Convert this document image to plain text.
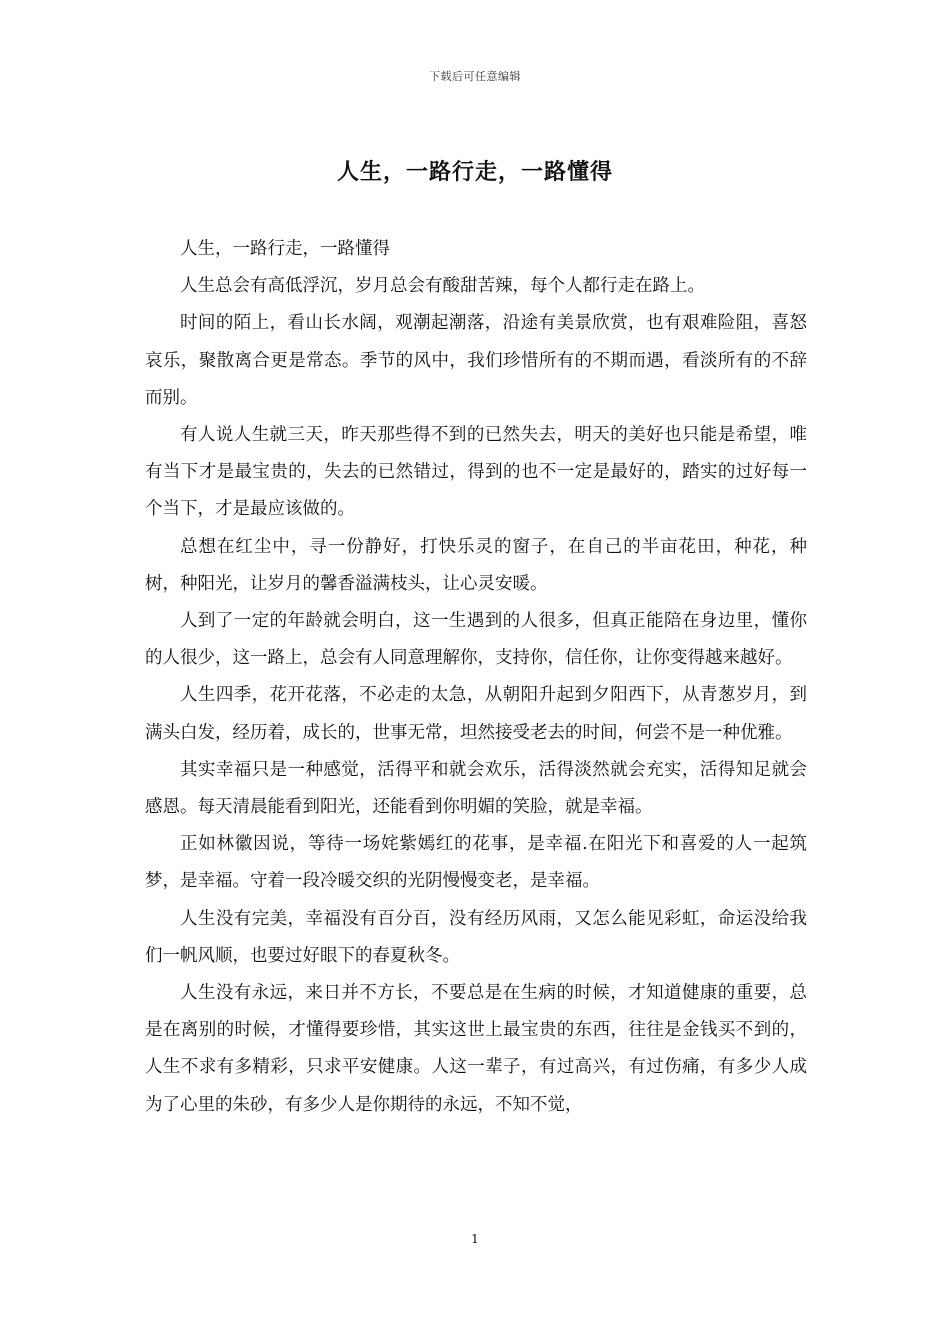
下载后可任意编辑
人生，一路行走，一路懂得

人生，一路行走，一路懂得

人生总会有高低浮沉，岁月总会有酸甜苦辣，每个人都行走在路上。

时间的陌上，看山长水阔，观潮起潮落，沿途有美景欣赏，也有艰难险阻，喜怒哀乐，聚散离合更是常态。季节的风中，我们珍惜所有的不期而遇，看淡所有的不辞而别。

有人说人生就三天，昨天那些得不到的已然失去，明天的美好也只能是希望，唯有当下才是最宝贵的，失去的已然错过，得到的也不一定是最好的，踏实的过好每一个当下，才是最应该做的。

总想在红尘中，寻一份静好，打快乐灵的窗子，在自己的半亩花田，种花，种树，种阳光，让岁月的馨香溢满枝头，让心灵安暖。

人到了一定的年龄就会明白，这一生遇到的人很多，但真正能陪在身边里，懂你的人很少，这一路上，总会有人同意理解你，支持你，信任你，让你变得越来越好。

人生四季，花开花落，不必走的太急，从朝阳升起到夕阳西下，从青葱岁月，到满头白发，经历着，成长的，世事无常，坦然接受老去的时间，何尝不是一种优雅。

其实幸福只是一种感觉，活得平和就会欢乐，活得淡然就会充实，活得知足就会感恩。每天清晨能看到阳光，还能看到你明媚的笑脸，就是幸福。

正如林徽因说，等待一场姹紫嫣红的花事，是幸福.在阳光下和喜爱的人一起筑梦，是幸福。守着一段冷暖交织的光阴慢慢变老，是幸福。

人生没有完美，幸福没有百分百，没有经历风雨，又怎么能见彩虹，命运没给我们一帆风顺，也要过好眼下的春夏秋冬。

人生没有永远，来日并不方长，不要总是在生病的时候，才知道健康的重要，总是在离别的时候，才懂得要珍惜，其实这世上最宝贵的东西，往往是金钱买不到的，人生不求有多精彩，只求平安健康。人这一辈子，有过高兴，有过伤痛，有多少人成为了心里的朱砂，有多少人是你期待的永远，不知不觉，

1
